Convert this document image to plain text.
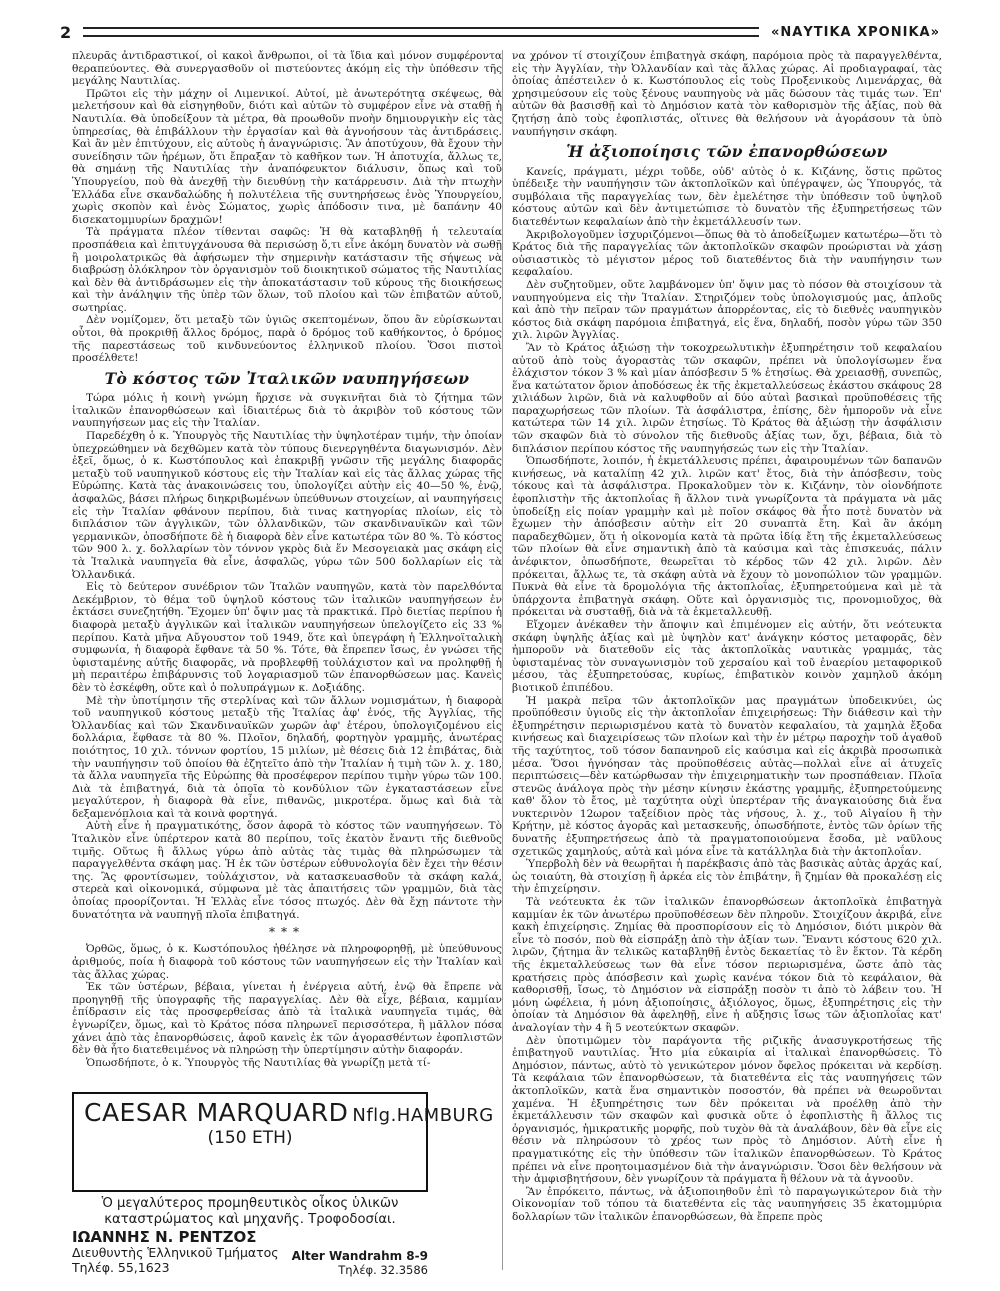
2	«ΝΑΥΤΙΚΑ ΧΡΟΝΙΚΑ»

πλευρᾶς ἀντιδραστικοί, οἱ κακοὶ ἄνθρωποι, οἱ τὰ ἴδια καὶ μόνον συμφέροντα θεραπεύοντες. Θὰ συνεργασθοῦν οἱ πιστεύοντες ἀκόμη εἰς τὴν ὑπόθεσιν τῆς μεγάλης Ναυτιλίας.

Πρῶτοι εἰς τὴν μάχην οἱ Λιμενικοί. Αὐτοί, μὲ ἀνωτερότητα σκέψεως, θὰ μελετήσουν καὶ θὰ εἰσηγηθοῦν, διότι καὶ αὐτῶν τὸ συμφέρον εἶνε νὰ σταθῇ ἡ Ναυτιλία. Θὰ ὑποδείξουν τὰ μέτρα, θὰ προωθοῦν πνοὴν δημιουργικὴν εἰς τὰς ὑπηρεσίας, θὰ ἐπιβάλλουν τὴν ἐργασίαν καὶ θὰ ἀγνοήσουν τὰς ἀντιδράσεις. Καὶ ἂν μὲν ἐπιτύχουν, εἰς αὐτοὺς ἡ ἀναγνώρισις. Ἂν ἀποτύχουν, θὰ ἔχουν τὴν συνείδησιν τῶν ἡρέμων, ὅτι ἔπραξαν τὸ καθῆκον των. Ἡ ἀποτυχία, ἄλλως τε, θὰ σημάνῃ τῆς Ναυτιλίας τὴν ἀναπόφευκτον διάλυσιν, ὅπως καὶ τοῦ Ὑπουργείου, ποὺ θὰ ἀνεχθῇ τὴν διευθύνῃ τὴν κατάρρευσιν. Διὰ τὴν πτωχὴν Ἑλλάδα εἶνε σκανδαλώδης ἡ πολυτέλεια τῆς συντηρήσεως ἑνὸς Ὑπουργείου, χωρὶς σκοπὸν καὶ ἑνὸς Σώματος, χωρὶς ἀπόδοσιν τινα, μὲ δαπάνην 40 δισεκατομμυρίων δραχμῶν!

Τὰ πράγματα πλέον τίθενται σαφῶς: Ἡ θὰ καταβληθῇ ἡ τελευταία προσπάθεια καὶ ἐπιτυγχάνουσα θὰ περισώσῃ ὅ,τι εἶνε ἀκόμη δυνατὸν νὰ σωθῇ ἢ μοιρολατρικῶς θὰ ἀφήσωμεν τὴν σημερινὴν κατάστασιν τῆς σήψεως νὰ διαβρώσῃ ὁλόκληρον τὸν ὀργανισμὸν τοῦ διοικητικοῦ σώματος τῆς Ναυτιλίας καὶ δὲν θὰ ἀντιδράσωμεν εἰς τὴν ἀποκατάστασιν τοῦ κύρους τῆς διοικήσεως καὶ τὴν ἀνάληψιν τῆς ὑπὲρ τῶν ὅλων, τοῦ πλοίου καὶ τῶν ἐπιβατῶν αὐτοῦ, σωτηρίας.

Δὲν νομίζομεν, ὅτι μεταξὺ τῶν ὑγιῶς σκεπτομένων, ὅπου ἂν εὑρίσκωνται οὗτοι, θὰ προκριθῇ ἄλλος δρόμος, παρὰ ὁ δρόμος τοῦ καθήκοντος, ὁ δρόμος τῆς παρεστάσεως τοῦ κινδυνεύοντος ἑλληνικοῦ πλοίου. Ὅσοι πιστοὶ προσέλθετε!

Τὸ κόστος τῶν Ἰταλικῶν ναυπηγήσεων

Τώρα μόλις ἡ κοινὴ γνώμη ἤρχισε νὰ συγκινῆται διὰ τὸ ζήτημα τῶν ἰταλικῶν ἐπανορθώσεων καὶ ἰδιαιτέρως διὰ τὸ ἀκριβὸν τοῦ κόστους τῶν ναυπηγήσεων μας εἰς τὴν Ἰταλίαν.

Παρεδέχθη ὁ κ. Ὑπουργὸς τῆς Ναυτιλίας τὴν ὑψηλοτέραν τιμήν, τὴν ὁποίαν ὑπεχρεώθημεν νὰ δεχθῶμεν κατὰ τὸν τύπους διενεργηθέντα διαγωνισμόν. Δὲν ἐξεῖ, ὅμως, ὁ κ. Κωστόπουλος καὶ ἐπακριβῇ γνῶσιν τῆς μεγάλης διαφορᾶς μεταξὺ τοῦ ναυπηγικοῦ κόστους εἰς τὴν Ἰταλίαν καὶ εἰς τὰς ἄλλας χώρας τῆς Εὐρώπης. Κατὰ τὰς ἀνακοινώσεις του, ὑπολογίζει αὐτὴν εἰς 40—50 %, ἐνῷ, ἀσφαλῶς, βάσει πλήρως διηκριβωμένων ὑπεύθυνων στοιχείων, αἱ ναυπηγήσεις εἰς τὴν Ἰταλίαν φθάνουν περίπου, διὰ τινας κατηγορίας πλοίων, εἰς τὸ διπλάσιον τῶν ἀγγλικῶν, τῶν ὀλλανδικῶν, τῶν σκανδιναυϊκῶν καὶ τῶν γερμανικῶν, ὁποσδήποτε δὲ ἡ διαφορὰ δὲν εἶνε κατωτέρα τῶν 80 %. Τὸ κόστος τῶν 900 λ. χ. δολλαρίων τὸν τόννον γκρὸς διὰ ἕν Μεσογειακὰ μας σκάφη εἰς τὰ Ἰταλικὰ ναυπηγεῖα θὰ εἶνε, ἀσφαλῶς, γύρω τῶν 500 δολλαρίων εἰς τὰ Ὀλλανδικά.

Εἰς τὸ δεύτερον συνέδριον τῶν Ἰταλῶν ναυπηγῶν, κατὰ τὸν παρελθόντα Δεκέμβριον, τὸ θέμα τοῦ ὑψηλοῦ κόστους τῶν ἰταλικῶν ναυπηγήσεων ἐν ἐκτάσει συνεζητήθη. Ἔχομεν ὑπ' ὄψιν μας τὰ πρακτικά. Πρὸ διετίας περίπου ἡ διαφορὰ μεταξὺ ἀγγλικῶν καὶ ἰταλικῶν ναυπηγήσεων ὑπελογίζετο εἰς 33 % περίπου. Κατὰ μῆνα Αὔγουστον τοῦ 1949, ὅτε καὶ ὑπεγράφη ἡ Ἑλληνοϊταλικὴ συμφωνία, ἡ διαφορὰ ἔφθανε τὰ 50 %. Τότε, θὰ ἔπρεπεν ἴσως, ἐν γνώσει τῆς ὑφισταμένης αὐτῆς διαφορᾶς, νὰ προβλεφθῇ τοὐλάχιστον καὶ να προληφθῇ ἡ μὴ περαιτέρω ἐπιβάρυνσις τοῦ λογαριασμοῦ τῶν ἐπανορθώσεων μας. Κανεὶς δὲν τὸ ἐσκέφθη, οὔτε καὶ ὁ πολυπράγμων κ. Δοξιάδης.

Μὲ τὴν ὑποτίμησιν τῆς στερλίνας καὶ τῶν ἄλλων νομισμάτων, ἡ διαφορὰ τοῦ ναυπηγικοῦ κόστους μεταξὺ τῆς Ἰταλίας ἀφ' ἑνός, τῆς Ἀγγλίας, τῆς Ὀλλανδίας καὶ τῶν Σκανδιναυϊκῶν χωρῶν ἀφ' ἑτέρου, ὑπολογιζομένου εἰς δολλάρια, ἔφθασε τὰ 80 %. Πλοῖον, δηλαδή, φορτηγὸν γραμμῆς, ἀνωτέρας ποιότητος, 10 χιλ. τόννων φορτίου, 15 μιλίων, μὲ θέσεις διὰ 12 ἐπιβάτας, διὰ τὴν ναυπήγησιν τοῦ ὁποίου θὰ ἐζητεῖτο ἀπὸ τὴν Ἰταλίαν ἡ τιμὴ τῶν λ. χ. 180, τὰ ἄλλα ναυπηγεῖα τῆς Εὐρώπης θὰ προσέφερον περίπου τιμὴν γύρω τῶν 100. Διὰ τὰ ἐπιβατηγά, διὰ τὰ ὁποῖα τὸ κονδύλιον τῶν ἐγκαταστάσεων εἶνε μεγαλύτερον, ἡ διαφορὰ θὰ εἶνε, πιθανῶς, μικροτέρα. ὅμως καὶ διὰ τὰ δεξαμενόπλοια καὶ τὰ κοινὰ φορτηγά.

Αὐτὴ εἶνε ἡ πραγματικότης, ὅσον ἀφορᾶ τὸ κόστος τῶν ναυπηγήσεων. Τὸ Ἰταλικὸν εἶνε ὑπέρτερον κατὰ 80 περίπου, τοῖς ἑκατὸν ἔναντι τῆς διεθνοῦς τιμῆς. Οὕτως ἢ ἄλλως γύρω ἀπὸ αὐτὰς τὰς τιμὰς θὰ πληρώσωμεν τὰ παραγγελθέντα σκάφη μας. Ἡ ἐκ τῶν ὑστέρων εὐθυνολογία δὲν ἔχει τὴν θέσιν της. Ἂς φροντίσωμεν, τοὐλάχιστον, νὰ κατασκευασθοῦν τὰ σκάφη καλά, στερεὰ καὶ οἰκονομικά, σύμφωνα μὲ τὰς ἀπαιτήσεις τῶν γραμμῶν, διὰ τὰς ὁποίας προορίζονται. Ἡ Ἑλλὰς εἶνε τόσος πτωχός. Δὲν θὰ ἔχῃ πάντοτε τὴν δυνατότητα νὰ ναυπηγῇ πλοῖα ἐπιβατηγά.

***

Ὀρθῶς, ὅμως, ὁ κ. Κωστόπουλος ἠθέλησε νὰ πληροφορηθῇ, μὲ ὑπεύθυνους ἀριθμούς, ποία ἡ διαφορὰ τοῦ κόστους τῶν ναυπηγήσεων εἰς τὴν Ἰταλίαν καὶ τὰς ἄλλας χώρας.

Ἐκ τῶν ὑστέρων, βέβαια, γίνεται ἡ ἐνέργεια αὐτή, ἐνῷ θὰ ἔπρεπε νὰ προηγηθῇ τῆς ὑπογραφῆς τῆς παραγγελίας. Δὲν θὰ εἶχε, βέβαια, καμμίαν ἐπίδρασιν εἰς τὰς προσφερθείσας ἀπὸ τὰ ἰταλικὰ ναυπηγεῖα τιμάς, θὰ ἐγνωρίζεν, ὅμως, καὶ τὸ Κράτος πόσα πληρωνεῖ περισσότερα, ἢ μᾶλλον πόσα χάνει ἀπὸ τὰς ἐπανορθώσεις, ἀφοῦ κανεὶς ἐκ τῶν ἀγορασθέντων ἐφοπλιστῶν δὲν θὰ ἦτο διατεθειμένος νὰ πληρώσῃ τὴν ὑπερτίμησιν αὐτὴν διαφοράν.

Ὁπωσδήποτε, ὁ κ. Ὑπουργὸς τῆς Ναυτιλίας θὰ γνωρίζῃ μετὰ τί-

να χρόνον τί στοιχίζουν ἐπιβατηγὰ σκάφη, παρόμοια πρὸς τὰ παραγγελθέντα, εἰς τὴν Ἀγγλίαν, τὴν Ὀλλανδίαν καὶ τὰς ἄλλας χώρας. Αἱ προδιαγραφαί, τὰς ὁποίας ἀπέστειλεν ὁ κ. Κωστόπουλος εἰς τοὺς Προξενικοὺς Λιμενάρχας, θὰ χρησιμεύσουν εἰς τοὺς ξένους ναυπηγοὺς νὰ μᾶς δώσουν τὰς τιμάς των. Ἐπ' αὐτῶν θὰ βασισθῇ καὶ τὸ Δημόσιον κατὰ τὸν καθορισμὸν τῆς ἀξίας, ποὺ θὰ ζητήσῃ ἀπὸ τοὺς ἐφοπλιστάς, οἵτινες θὰ θελήσουν νὰ ἀγοράσουν τὰ ὑπὸ ναυπήγησιν σκάφη.

Ἡ ἀξιοποίησις τῶν ἐπανορθώσεων

Κανείς, πράγματι, μέχρι τοῦδε, οὐδ' αὐτὸς ὁ κ. Κιζάνης, ὅστις πρῶτος ὑπέδειξε τὴν ναυπήγησιν τῶν ἀκτοπλοϊκῶν καὶ ὑπέγραψεν, ὡς Ὑπουργός, τὰ συμβόλαια τῆς παραγγελίας των, δὲν ἐμελέτησε τὴν ὑπόθεσιν τοῦ ὑψηλοῦ κόστους αὐτῶν καὶ δὲν ἀντιμετώπισε τὸ δυνατὸν τῆς ἐξυπηρετήσεως τῶν διατεθέντων κεφαλαίων ἀπὸ τὴν ἐκμετάλλευσίν των.

Ἀκριβολογοῦμεν ἰσχυριζόμενοι—ὅπως θὰ τὸ ἀποδείξωμεν κατωτέρω—ὅτι τὸ Κράτος διὰ τῆς παραγγελίας τῶν ἀκτοπλοϊκῶν σκαφῶν προώρισται νὰ χάσῃ οὐσιαστικὸς τὸ μέγιστον μέρος τοῦ διατεθέντος διὰ τὴν ναυπήγησιν των κεφαλαίου.

Δὲν συζητοῦμεν, οὔτε λαμβάνομεν ὑπ' ὄψιν μας τὸ πόσον θὰ στοιχίσουν τὰ ναυπηγούμενα εἰς τὴν Ἰταλίαν. Στηριζόμεν τοὺς ὑπολογισμούς μας, ἁπλοῦς καὶ ἀπὸ τὴν πεῖραν τῶν πραγμάτων ἀπορρέοντας, εἰς τὸ διεθνὲς ναυπηγικὸν κόστος διὰ σκάφη παρόμοια ἐπιβατηγά, εἰς ἕνα, δηλαδή, ποσὸν γύρω τῶν 350 χιλ. λιρῶν Ἀγγλίας.

Ἂν τὸ Κράτος ἀξιώσῃ τὴν τοκοχρεωλυτικὴν ἐξυπηρέτησιν τοῦ κεφαλαίου αὐτοῦ ἀπὸ τοὺς ἀγοραστὰς τῶν σκαφῶν, πρέπει νὰ ὑπολογίσωμεν ἕνα ἐλάχιστον τόκον 3 % καὶ μίαν ἀπόσβεσιν 5 % ἐτησίως. Θὰ χρειασθῇ, συνεπῶς, ἕνα κατώτατον ὅριον ἀποδόσεως ἐκ τῆς ἐκμεταλλεύσεως ἑκάστου σκάφους 28 χιλιάδων λιρῶν, διὰ νὰ καλυφθοῦν αἱ δύο αὐταὶ βασικαὶ προϋποθέσεις τῆς παραχωρήσεως τῶν πλοίων. Τὰ ἀσφάλιστρα, ἐπίσης, δὲν ἠμποροῦν νὰ εἶνε κατώτερα τῶν 14 χιλ. λιρῶν ἐτησίως. Τὸ Κράτος θὰ ἀξιώσῃ τὴν ἀσφάλισιν τῶν σκαφῶν διὰ τὸ σύνολον τῆς διεθνοῦς ἀξίας των, ὄχι, βέβαια, διὰ τὸ διπλάσιον περίπου κόστος τῆς ναυπηγήσεώς των εἰς τὴν Ἰταλίαν.

Ὁπωσδήποτε, λοιπόν, ἡ ἐκμετάλλευσις πρέπει, ἀφαιρουμένων τῶν δαπανῶν κινήσεως, νὰ καταλίπῃ 42 χιλ. λιρῶν κατ' ἔτος, διὰ τὴν ἀπόσβεσιν, τοὺς τόκους καὶ τὰ ἀσφάλιστρα. Προκαλοῦμεν τὸν κ. Κιζάνην, τὸν οἱονδήποτε ἐφοπλιστὴν τῆς ἀκτοπλοΐας ἢ ἄλλον τινὰ γνωρίζοντα τὰ πράγματα νὰ μᾶς ὑποδείξῃ εἰς ποίαν γραμμὴν καὶ μὲ ποῖον σκάφος θὰ ἦτο ποτὲ δυνατὸν νὰ ἔχωμεν τὴν ἀπόσβεσιν αὐτὴν εἰτ 20 συναπτὰ ἔτη. Καὶ ἂν ἀκόμη παραδεχθῶμεν, ὅτι ἡ οἰκονομία κατὰ τὰ πρῶτα ἰδίᾳ ἔτη τῆς ἐκμεταλλεύσεως τῶν πλοίων θὰ εἶνε σημαντικὴ ἀπὸ τὰ καύσιμα καὶ τὰς ἐπισκευάς, πάλιν ἀνέφικτον, ὁπωσδήποτε, θεωρεῖται τὸ κέρδος τῶν 42 χιλ. λιρῶν. Δὲν πρόκειται, ἄλλως τε, τὰ σκάφη αὐτὰ νὰ ἔχουν τὸ μονοπώλιον τῶν γραμμῶν. Πυκνὰ θὰ εἶνε τὰ δρομολόγια τῆς ἀκτοπλοΐας, ἐξυπηρετούμενα καὶ μὲ τὰ ὑπάρχοντα ἐπιβατηγὰ σκάφη. Οὔτε καὶ ὀργανισμὸς τις, προνομιοῦχος, θὰ πρόκειται νὰ συσταθῇ, διὰ νὰ τὰ ἐκμεταλλευθῇ.

Εἴχομεν ἀνέκαθεν τὴν ἄποψιν καὶ ἐπιμένομεν εἰς αὐτήν, ὅτι νεότευκτα σκάφη ὑψηλῆς ἀξίας καὶ μὲ ὑψηλὸν κατ' ἀνάγκην κόστος μεταφορᾶς, δὲν ἠμποροῦν νὰ διατεθοῦν εἰς τὰς ἀκτοπλοϊκὰς ναυτικὰς γραμμάς, τὰς ὑφισταμένας τὸν συναγωνισμὸν τοῦ χερσαίου καὶ τοῦ ἐναερίου μεταφορικοῦ μέσου, τὰς ἐξυπηρετούσας, κυρίως, ἐπιβατικὸν κοινὸν χαμηλοῦ ἀκόμη βιοτικοῦ ἐπιπέδου.

Ἡ μακρὰ πεῖρα τῶν ἀκτοπλοϊκῶν μας πραγμάτων ὑποδεικνύει, ὡς προϋπόθεσιν ὑγιοῦς εἰς τὴν ἀκτοπλοΐαν ἐπιχειρήσεως: Τὴν διάθεσιν καὶ τὴν ἐξυπηρέτησιν περιωρισμένου κατὰ τὸ δυνατὸν κεφαλαίου, τὰ χαμηλὰ ἔξοδα κινήσεως καὶ διαχειρίσεως τῶν πλοίων καὶ τὴν ἐν μέτρῳ παροχὴν τοῦ ἀγαθοῦ τῆς ταχύτητος, τοῦ τόσον δαπανηροῦ εἰς καύσιμα καὶ εἰς ἀκριβὰ προσωπικὰ μέσα. Ὅσοι ἠγνόησαν τὰς προϋποθέσεις αὐτὰς—πολλαὶ εἶνε αἱ ἀτυχεῖς περιπτώσεις—δὲν κατώρθωσαν τὴν ἐπιχειρηματικὴν των προσπάθειαν. Πλοῖα στενῶς ἀνάλογα πρὸς τὴν μέσην κίνησιν ἑκάστης γραμμῆς, ἐξυπηρετούμενης καθ' ὅλον τὸ ἔτος, μὲ ταχύτητα οὐχὶ ὑπερτέραν τῆς ἀναγκαιούσης διὰ ἕνα νυκτερινὸν 12ωρον ταξείδιον πρὸς τὰς νήσους, λ. χ., τοῦ Αἰγαίου ἢ τὴν Κρήτην, μὲ κόστος ἀγορᾶς καὶ μετασκευῆς, ὁπωσδήποτε, ἐντὸς τῶν ὁρίων τῆς δυνατῆς ἐξυπηρετήσεως ἀπὸ τὰ πραγματοποιούμενα ἔσοδα, μὲ ναῦλους σχετικῶς χαμηλούς, αὐτὰ καὶ μόνα εἶνε τὰ κατάλληλα διὰ τὴν ἀκτοπλοΐαν.

Ὑπερβολὴ δὲν νὰ θεωρῆται ἡ παρέκβασις ἀπὸ τὰς βασικὰς αὐτὰς ἀρχάς καί, ὡς τοιαύτη, θὰ στοιχίσῃ ἢ ἀρκέα εἰς τὸν ἐπιβάτην, ἢ ζημίαν θὰ προκαλέσῃ εἰς τὴν ἐπιχείρησιν.

Τὰ νεότευκτα ἐκ τῶν ἰταλικῶν ἐπανορθώσεων ἀκτοπλοϊκὰ ἐπιβατηγὰ καμμίαν ἐκ τῶν ἀνωτέρω προϋποθέσεων δὲν πληροῦν. Στοιχίζουν ἀκριβά, εἶνε κακὴ ἐπιχείρησις. Ζημίας θὰ προσπορίσουν εἰς τὸ Δημόσιον, διότι μικρὸν θὰ εἶνε τὸ ποσόν, ποὺ θὰ εἰσπράξῃ ἀπὸ τὴν ἀξίαν των. Ἔναντι κόστους 620 χιλ. λιρῶν, ζήτημα ἂν τελικῶς καταβληθῇ ἐντὸς δεκαετίας τὸ ἓν ἕκτον. Τὰ κέρδη τῆς ἐκμεταλλεύσεως των θὰ εἶνε τόσον περιωρισμένα, ὥστε ἀπὸ τὰς κρατήσεις πρὸς ἀπόσβεσιν καὶ χωρὶς κανένα τόκον διὰ τὸ κεφάλαιον, θὰ καθορισθῇ, ἴσως, τὸ Δημόσιον νὰ εἰσπράξῃ ποσὸν τι ἀπὸ τὸ λάβειν του. Ἡ μόνη ὠφέλεια, ἡ μόνη ἀξιοποίησις, ἀξιόλογος, ὅμως, ἐξυπηρέτησις εἰς τὴν ὁποίαν τὰ Δημόσιον θὰ ἀφεληθῇ, εἶνε ἡ αὔξησις ἴσως τῶν ἀξιοπλοΐας κατ' ἀναλογίαν τὴν 4 ἢ 5 νεοτεύκτων σκαφῶν.

Δὲν ὑποτιμῶμεν τὸν παράγοντα τῆς ριζικῆς ἀνασυγκροτήσεως τῆς ἐπιβατηγοῦ ναυτιλίας. Ἦτο μία εὐκαιρία αἱ ἰταλικαὶ ἐπανορθώσεις. Τὸ Δημόσιον, πάντως, αὐτὸ τὸ γενικώτερον μόνον ὄφελος πρόκειται νὰ κερδίσῃ. Τὰ κεφάλαια τῶν ἐπανορθώσεων, τὰ διατεθέντα εἰς τὰς ναυπηγήσεις τῶν ἀκτοπλοϊκῶν, κατὰ ἕνα σημαντικὸν ποσοστόν, θὰ πρέπει νὰ θεωροῦνται χαμένα. Ἡ ἐξυπηρέτησις των δὲν πρόκειται νὰ προέλθῃ ἀπὸ τὴν ἐκμετάλλευσιν τῶν σκαφῶν καὶ φυσικὰ οὔτε ὁ ἐφοπλιστὴς ἢ ἄλλος τις ὀργανισμός, ἡμικρατικῆς μορφῆς, ποὺ τυχὸν θὰ τὰ ἀναλάβουν, δὲν θὰ εἶνε εἰς θέσιν νὰ πληρώσουν τὸ χρέος των πρὸς τὸ Δημόσιον. Αὐτὴ εἶνε ἡ πραγματικότης εἰς τὴν ὑπόθεσιν τῶν ἰταλικῶν ἐπανορθώσεων. Τὸ Κράτος πρέπει νὰ εἶνε προητοιμασμένον διὰ τὴν ἀναγνώρισιν. Ὅσοι δὲν θελήσουν νὰ τὴν ἀμφισβητήσουν, δὲν γνωρίζουν τὰ πράγματα ἢ θέλουν νὰ τὰ ἀγνοοῦν.

Ἂν ἐπρόκειτο, πάντως, νὰ ἀξιοποιηθοῦν ἐπὶ τὸ παραγωγικώτερον διὰ τὴν Οἰκονομίαν τοῦ τόπου τὰ διατεθέντα εἰς τὰς ναυπηγήσεις 35 ἑκατομμύρια δολλαρίων τῶν ἰταλικῶν ἐπανορθώσεων, θὰ ἔπρεπε πρὸς

CAESAR MARQUARD Nflg.HAMBURG
(150 ΕΤΗ)
Ὁ μεγαλύτερος προμηθευτικὸς οἶκος ὑλικῶν
καταστρώματος καὶ μηχανῆς. Τροφοδοσίαι.
ΙΩΑΝΝΗΣ Ν. ΡΕΝΤΖΟΣ
Διευθυντὴς Ἑλληνικοῦ Τμήματος
Τηλέφ. 55,1623
Alter Wandrahm 8-9
Τηλέφ. 32.3586
